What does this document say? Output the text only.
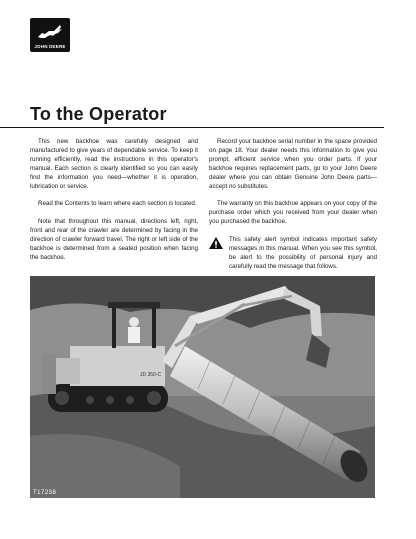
JOHN DEERE
To the Operator

This new backhoe was carefully designed and manufactured to give years of dependable service. To keep it running efficiently, read the instructions in this operator's manual. Each section is clearly identified so you can easily find the information you need—whether it is operation, lubrication or service.

Read the Contents to learn where each section is located.

Note that throughout this manual, directions left, right, front and rear of the crawler are determined by facing in the direction of crawler forward travel. The right or left side of the backhoe is determined from a seated position when facing the backhoe.

Record your backhoe serial number in the space provided on page 18. Your dealer needs this information to give you prompt, efficient service when you order parts. If your backhoe requires replacement parts, go to your John Deere dealer where you can obtain Genuine John Deere parts—accept no substitutes.

The warranty on this backhoe appears on your copy of the purchase order which you received from your dealer when you purchased the backhoe.

This safety alert symbol indicates important safety messages in this manual. When you see this symbol, be alert to the possibility of personal injury and carefully read the message that follows.

JD 350-C
T17238
